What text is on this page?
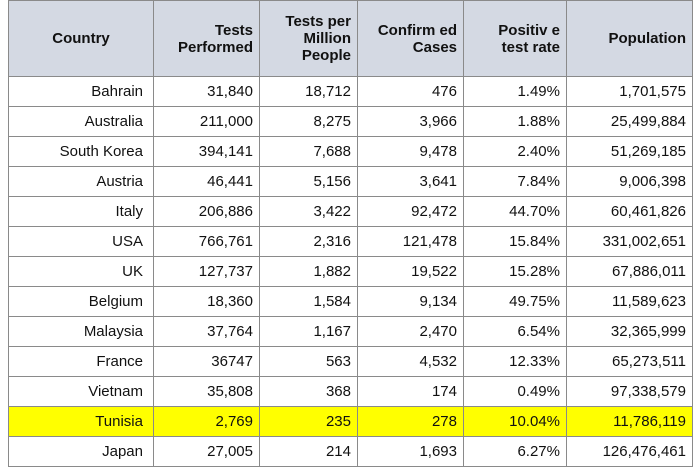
Country	Tests Performed	Tests per Million People	Confirm ed Cases	Positiv e test rate	Population
Bahrain	31,840	18,712	476	1.49%	1,701,575
Australia	211,000	8,275	3,966	1.88%	25,499,884
South Korea	394,141	7,688	9,478	2.40%	51,269,185
Austria	46,441	5,156	3,641	7.84%	9,006,398
Italy	206,886	3,422	92,472	44.70%	60,461,826
USA	766,761	2,316	121,478	15.84%	331,002,651
UK	127,737	1,882	19,522	15.28%	67,886,011
Belgium	18,360	1,584	9,134	49.75%	11,589,623
Malaysia	37,764	1,167	2,470	6.54%	32,365,999
France	36747	563	4,532	12.33%	65,273,511
Vietnam	35,808	368	174	0.49%	97,338,579
Tunisia	2,769	235	278	10.04%	11,786,119
Japan	27,005	214	1,693	6.27%	126,476,461
